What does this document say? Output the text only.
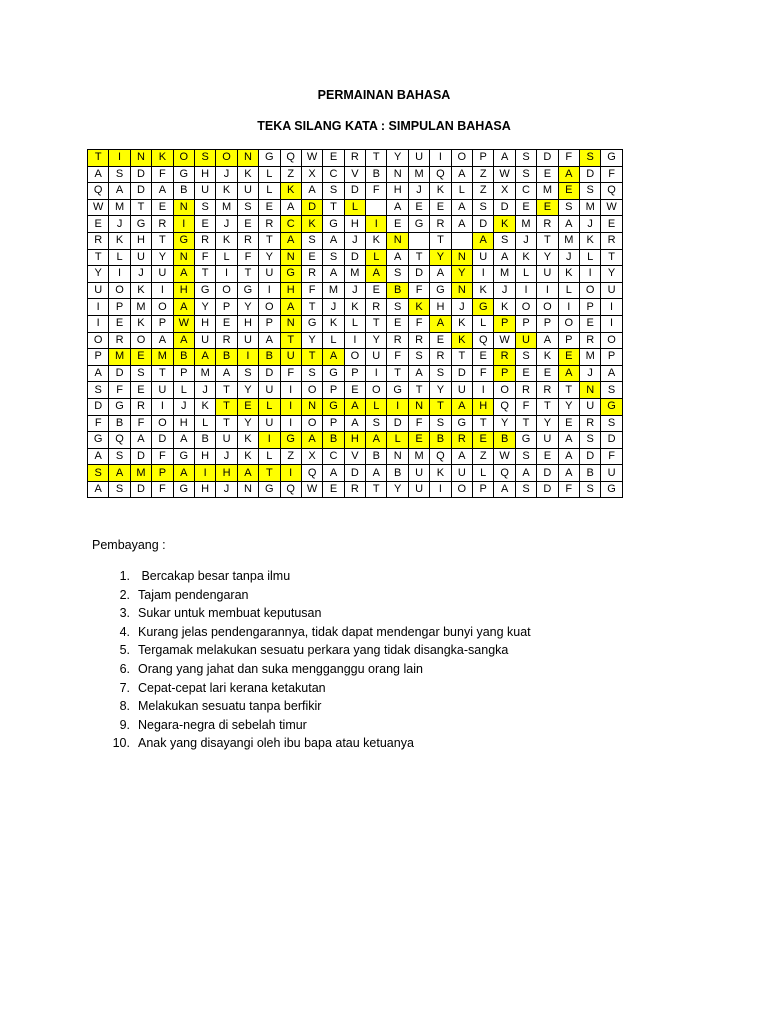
PERMAINAN BAHASA
TEKA SILANG KATA : SIMPULAN BAHASA
T	I	N	K	O	S	O	N	G	Q	W	E	R	T	Y	U	I	O	P	A	S	D	F	S	G
A	S	D	F	G	H	J	K	L	Z	X	C	V	B	N	M	Q	A	Z	W	S	E	A	D	F
Q	A	D	A	B	U	K	U	L	K	A	S	D	F	H	J	K	L	Z	X	C	M	E	S	Q
W	M	T	E	N	S	M	S	E	A	D	T	L		A	E	E	A	S	D	E	E	S	M	W
E	J	G	R	I	E	J	E	R	C	K	G	H	I	E	G	R	A	D	K	M	R	A	J	E
R	K	H	T	G	R	K	R	T	A	S	A	J	K	N		T		A	S	J	T	M	K	R
T	L	U	Y	N	F	L	F	Y	N	E	S	D	L	A	T	Y	N	U	A	K	Y	J	L	T
Y	I	J	U	A	T	I	T	U	G	R	A	M	A	S	D	A	Y	I	M	L	U	K	I	Y
U	O	K	I	H	G	O	G	I	H	F	M	J	E	B	F	G	N	K	J	I	I	L	O	U
I	P	M	O	A	Y	P	Y	O	A	T	J	K	R	S	K	H	J	G	K	O	O	I	P	I
I	E	K	P	W	H	E	H	P	N	G	K	L	T	E	F	A	K	L	P	P	P	O	E	I
O	R	O	A	A	U	R	U	A	T	Y	L	I	Y	R	R	E	K	Q	W	U	A	P	R	O
P	M	E	M	B	A	B	I	B	U	T	A	O	U	F	S	R	T	E	R	S	K	E	M	P
A	D	S	T	P	M	A	S	D	F	S	G	P	I	T	A	S	D	F	P	E	E	A	J	A
S	F	E	U	L	J	T	Y	U	I	O	P	E	O	G	T	Y	U	I	O	R	R	T	N	S
D	G	R	I	J	K	T	E	L	I	N	G	A	L	I	N	T	A	H	Q	F	T	Y	U	G
F	B	F	O	H	L	T	Y	U	I	O	P	A	S	D	F	S	G	T	Y	T	Y	E	R	S
G	Q	A	D	A	B	U	K	I	G	A	B	H	A	L	E	B	R	E	B	G	U	A	S	D
A	S	D	F	G	H	J	K	L	Z	X	C	V	B	N	M	Q	A	Z	W	S	E	A	D	F
S	A	M	P	A	I	H	A	T	I	Q	A	D	A	B	U	K	U	L	Q	A	D	A	B	U
A	S	D	F	G	H	J	N	G	Q	W	E	R	T	Y	U	I	O	P	A	S	D	F	S	G
Pembayang :
1. Bercakap besar tanpa ilmu
2. Tajam pendengaran
3. Sukar untuk membuat keputusan
4. Kurang jelas pendengarannya, tidak dapat mendengar bunyi yang kuat
5. Tergamak melakukan sesuatu perkara yang tidak disangka-sangka
6. Orang yang jahat dan suka mengganggu orang lain
7. Cepat-cepat lari kerana ketakutan
8. Melakukan sesuatu tanpa berfikir
9. Negara-negra di sebelah timur
10. Anak yang disayangi oleh ibu bapa atau ketuanya
